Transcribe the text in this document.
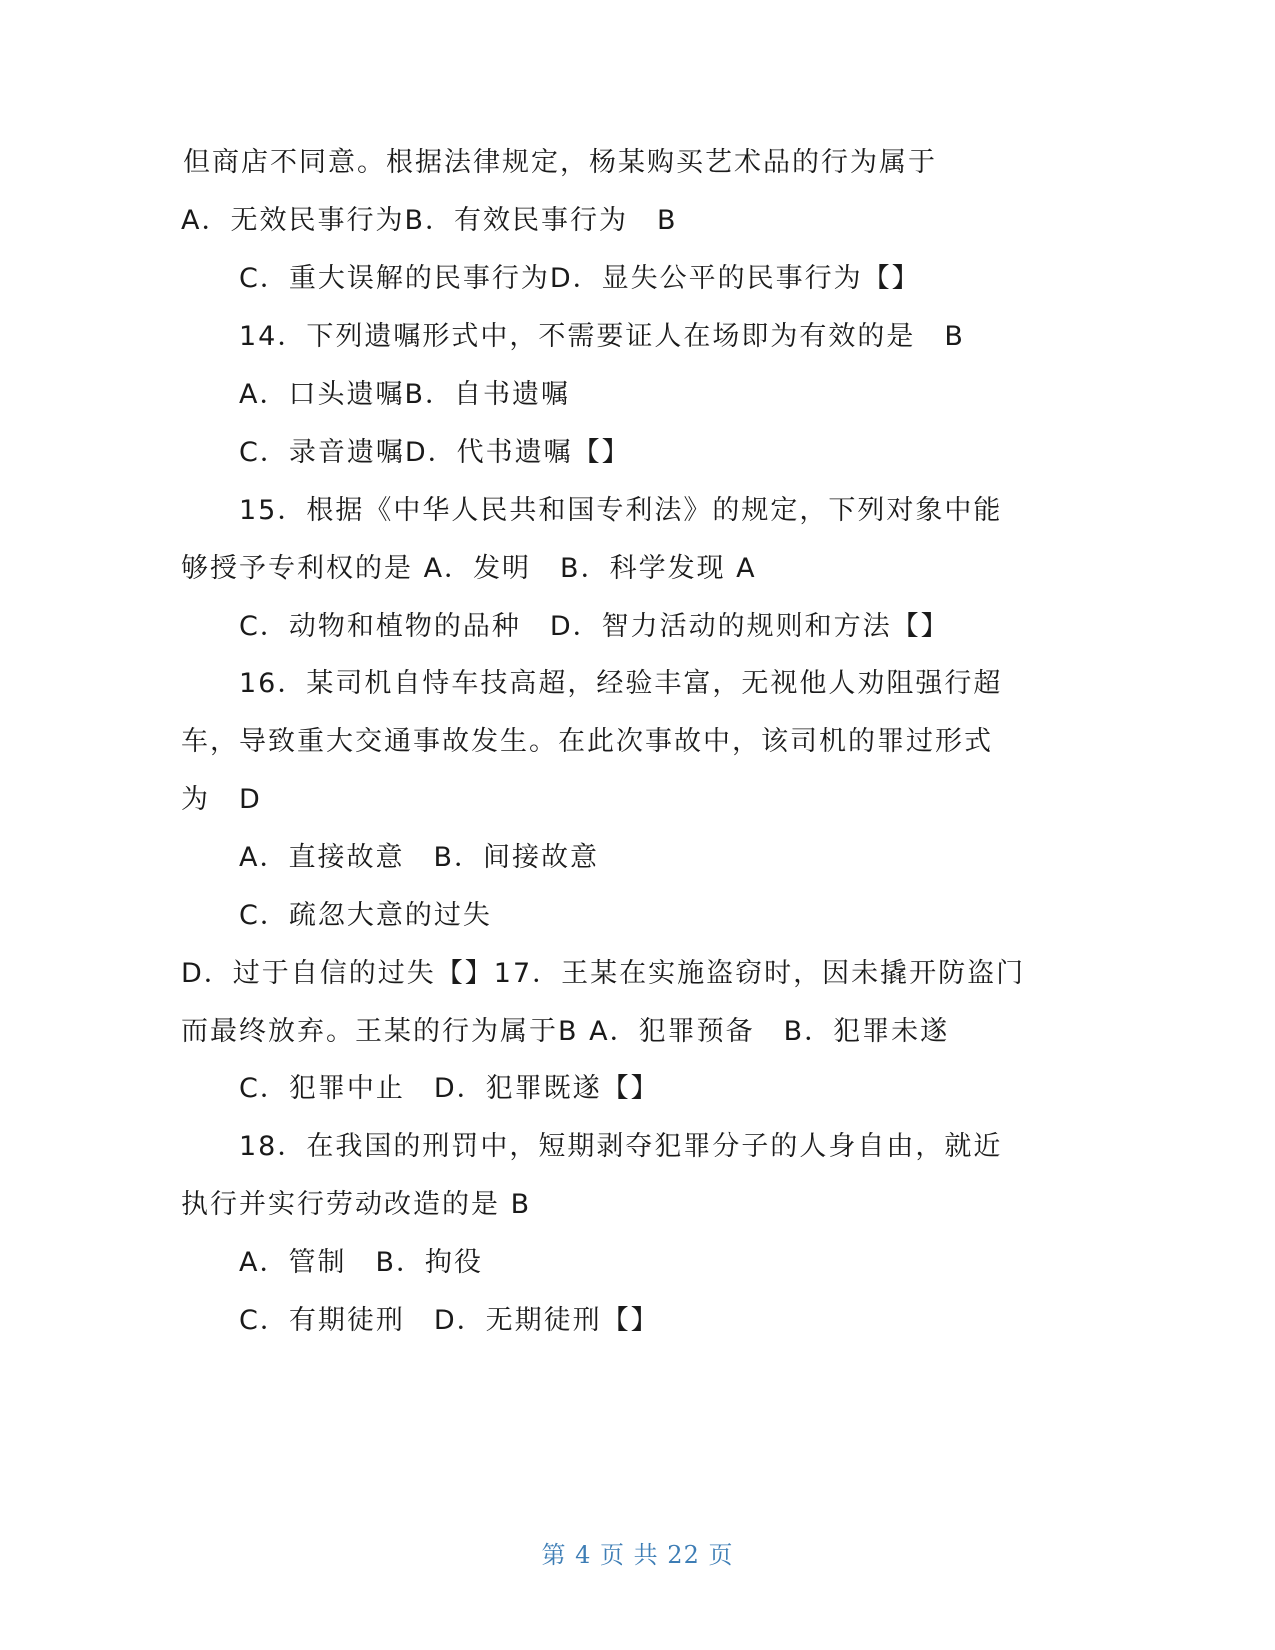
但商店不同意。根据法律规定，杨某购买艺术品的行为属于
A．无效民事行为B．有效民事行为　B
C．重大误解的民事行为D．显失公平的民事行为【】
14．下列遗嘱形式中，不需要证人在场即为有效的是　B
A．口头遗嘱B．自书遗嘱
C．录音遗嘱D．代书遗嘱【】
15．根据《中华人民共和国专利法》的规定，下列对象中能
够授予专利权的是 A．发明　B．科学发现 A
C．动物和植物的品种　D．智力活动的规则和方法【】
16．某司机自恃车技高超，经验丰富，无视他人劝阻强行超
车，导致重大交通事故发生。在此次事故中，该司机的罪过形式
为　D
A．直接故意　B．间接故意
C．疏忽大意的过失
D．过于自信的过失【】17．王某在实施盗窃时，因未撬开防盗门
而最终放弃。王某的行为属于B A．犯罪预备　B．犯罪未遂
C．犯罪中止　D．犯罪既遂【】
18．在我国的刑罚中，短期剥夺犯罪分子的人身自由，就近
执行并实行劳动改造的是 B
A．管制　B．拘役
C．有期徒刑　D．无期徒刑【】
第 4 页 共 22 页
